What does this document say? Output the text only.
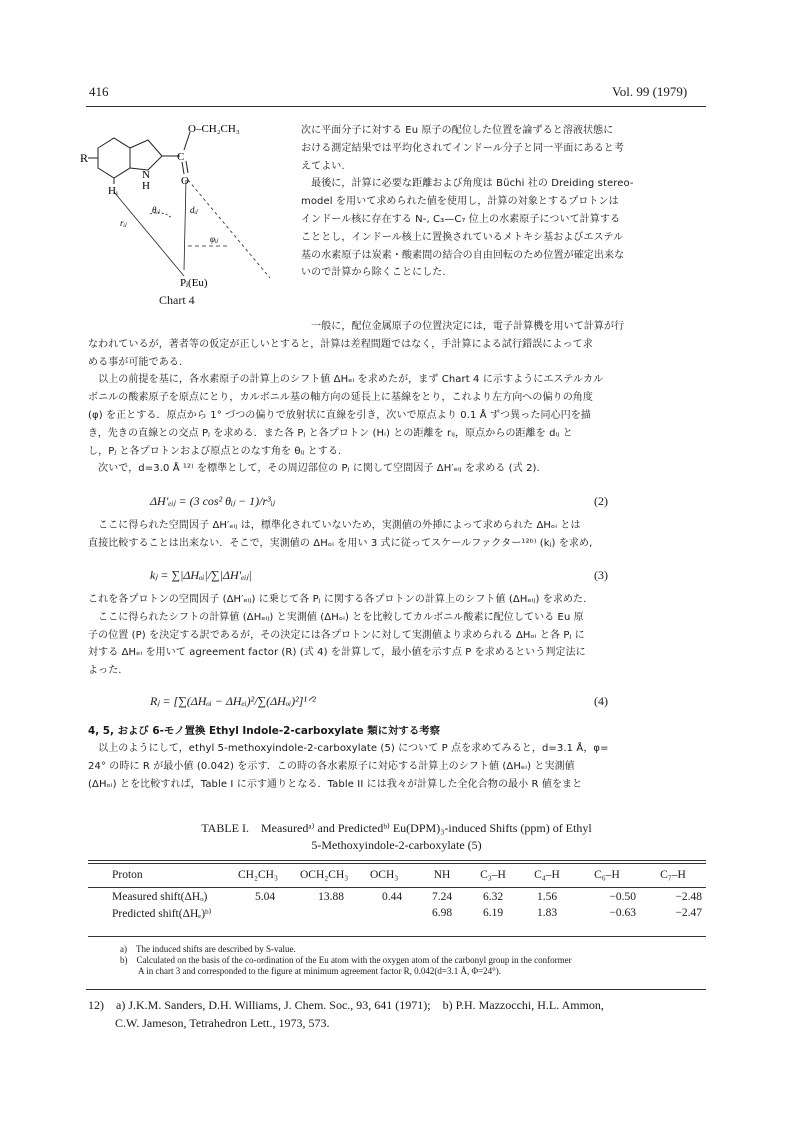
416	Vol. 99 (1979)
R
O–CH₂CH₃
C
O
N
H
Hᵢ
rᵢⱼ
θᵢⱼ	dᵢⱼ
φᵢⱼ
Pⱼ(Eu)
Chart 4
次に平面分子に対する Eu 原子の配位した位置を論ずると溶液状態に
おける測定結果では平均化されてインドール分子と同一平面にあると考
えてよい.
　最後に，計算に必要な距離および角度は Büchi 社の Dreiding stereo-
model を用いて求められた値を使用し，計算の対象とするプロトンは
インドール核に存在する N-, C₃—C₇ 位上の水素原子について計算する
こととし，インドール核上に置換されているメトキシ基およびエステル
基の水素原子は炭素・酸素間の結合の自由回転のため位置が確定出来な
いので計算から除くことにした.
　一般に，配位金属原子の位置決定には，電子計算機を用いて計算が行
なわれているが，著者等の仮定が正しいとすると，計算は差程間題ではなく，手計算による試行錯誤によって求
める事が可能である.
　以上の前提を基に，各水素原子の計算上のシフト値 ΔHₑᵢ を求めたが，まず Chart 4 に示すようにエステルカル
ボニルの酸素原子を原点にとり，カルボニル基の軸方向の延長上に基線をとり，これより左方向への偏りの角度
(φ) を正とする．原点から 1° づつの偏りで放射状に直線を引き，次いで原点より 0.1 Å ずつ異った同心円を描
き，先きの直線との交点 Pⱼ を求める．また各 Pⱼ と各プロトン (Hᵢ) との距離を rᵢⱼ，原点からの距離を dᵢⱼ と
し，Pⱼ と各プロトンおよび原点とのなす角を θᵢⱼ とする.
　次いで，d=3.0 Å ¹²⁾ を標準として，その周辺部位の Pⱼ に関して空間因子 ΔH′ₑᵢⱼ を求める (式 2).
ΔH′ₑᵢⱼ = (3 cos² θᵢⱼ − 1)/r³ᵢⱼ	(2)
　ここに得られた空間因子 ΔH′ₑᵢⱼ は，標準化されていないため，実測値の外挿によって求められた ΔHₒᵢ とは
直接比較することは出来ない．そこで，実測値の ΔHₒᵢ を用い 3 式に従ってスケールファクター¹²ᵇ⁾ (kⱼ) を求め,
kⱼ = ∑|ΔHₒᵢ|/∑|ΔH′ₑᵢⱼ|	(3)
これを各プロトンの空間因子 (ΔH′ₑᵢⱼ) に乗じて各 Pⱼ に関する各プロトンの計算上のシフト値 (ΔHₑᵢⱼ) を求めた.
　ここに得られたシフトの計算値 (ΔHₑᵢⱼ) と実測値 (ΔHₒᵢ) とを比較してカルボニル酸素に配位している Eu 原
子の位置 (P) を決定する訳であるが，その決定には各プロトンに対して実測値より求められる ΔHₒᵢ と各 Pⱼ に
対する ΔHₑᵢ を用いて agreement factor (R) (式 4) を計算して，最小値を示す点 P を求めるという判定法に
よった.
Rⱼ = [∑(ΔHₒᵢ − ΔHₑᵢ)²/∑(ΔHₒᵢ)²]¹ᐟ²	(4)
4, 5, および 6-モノ置換 Ethyl Indole-2-carboxylate 類に対する考察
　以上のようにして，ethyl 5-methoxyindole-2-carboxylate (5) について P 点を求めてみると，d=3.1 Å，φ=
24° の時に R が最小値 (0.042) を示す．この時の各水素原子に対応する計算上のシフト値 (ΔHₑᵢ) と実測値
(ΔHₒᵢ) とを比較すれば，Table I に示す通りとなる．Table II には我々が計算した全化合物の最小 R 値をまと
TABLE I.　Measuredᵃ⁾ and Predictedᵇ⁾ Eu(DPM)₃-induced Shifts (ppm) of Ethyl
5-Methoxyindole-2-carboxylate (5)
Proton	CH₂CH₃	OCH₂CH₃	OCH₃	NH	C₃–H	C₄–H	C₆–H	C₇–H

Measured shift(ΔHₒ)	5.04	13.88	0.44	7.24	6.32	1.56	−0.50	−2.48
Predicted shift(ΔHₑ)ᵇ⁾				6.98	6.19	1.83	−0.63	−2.47
a)　The induced shifts are described by S-value.
b)　Calculated on the basis of the co-ordination of the Eu atom with the oxygen atom of the carbonyl group in the conformer
　　A in chart 3 and corresponded to the figure at minimum agreement factor R, 0.042(d=3.1 Å, Φ=24°).
12)　a) J.K.M. Sanders, D.H. Williams, J. Chem. Soc., 93, 641 (1971);　b) P.H. Mazzocchi, H.L. Ammon,
　　 C.W. Jameson, Tetrahedron Lett., 1973, 573.
